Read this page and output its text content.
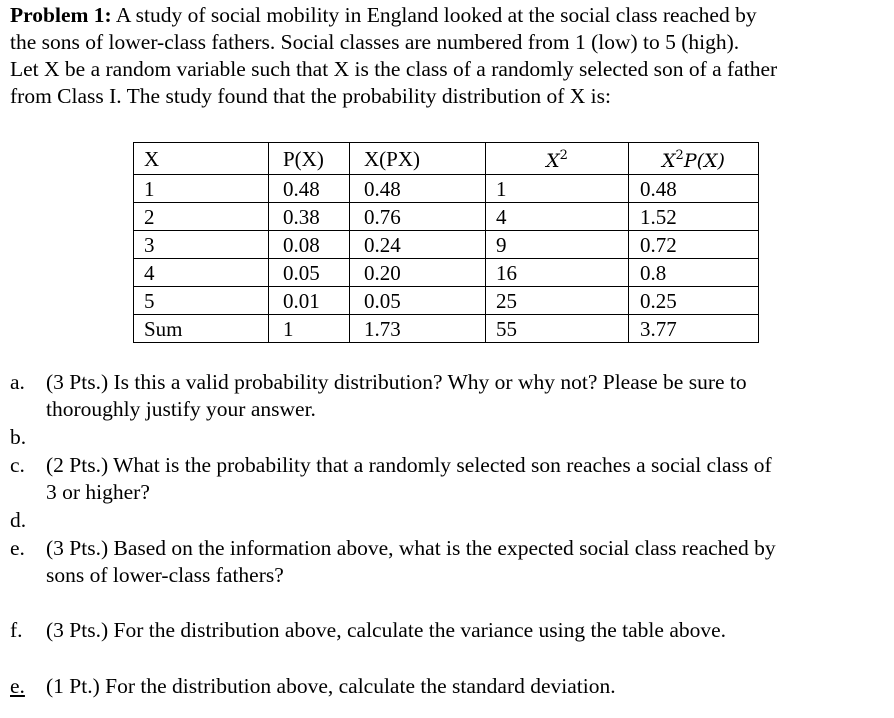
Problem 1: A study of social mobility in England looked at the social class reached by
the sons of lower-class fathers. Social classes are numbered from 1 (low) to 5 (high).
Let X be a random variable such that X is the class of a randomly selected son of a father
from Class I. The study found that the probability distribution of X is:
X	P(X)	X(PX)	$X^2$	$X^2P(X)$
1	0.48	0.48	1	0.48
2	0.38	0.76	4	1.52
3	0.08	0.24	9	0.72
4	0.05	0.20	16	0.8
5	0.01	0.05	25	0.25
Sum	1	1.73	55	3.77
a. (3 Pts.) Is this a valid probability distribution? Why or why not? Please be sure to
thoroughly justify your answer.
b.
c. (2 Pts.) What is the probability that a randomly selected son reaches a social class of
3 or higher?
d.
e.(3 Pts.) Based on the information above, what is the expected social class reached by
sons of lower-class fathers?
f. (3 Pts.) For the distribution above, calculate the variance using the table above.
e. (1 Pt.) For the distribution above, calculate the standard deviation.
